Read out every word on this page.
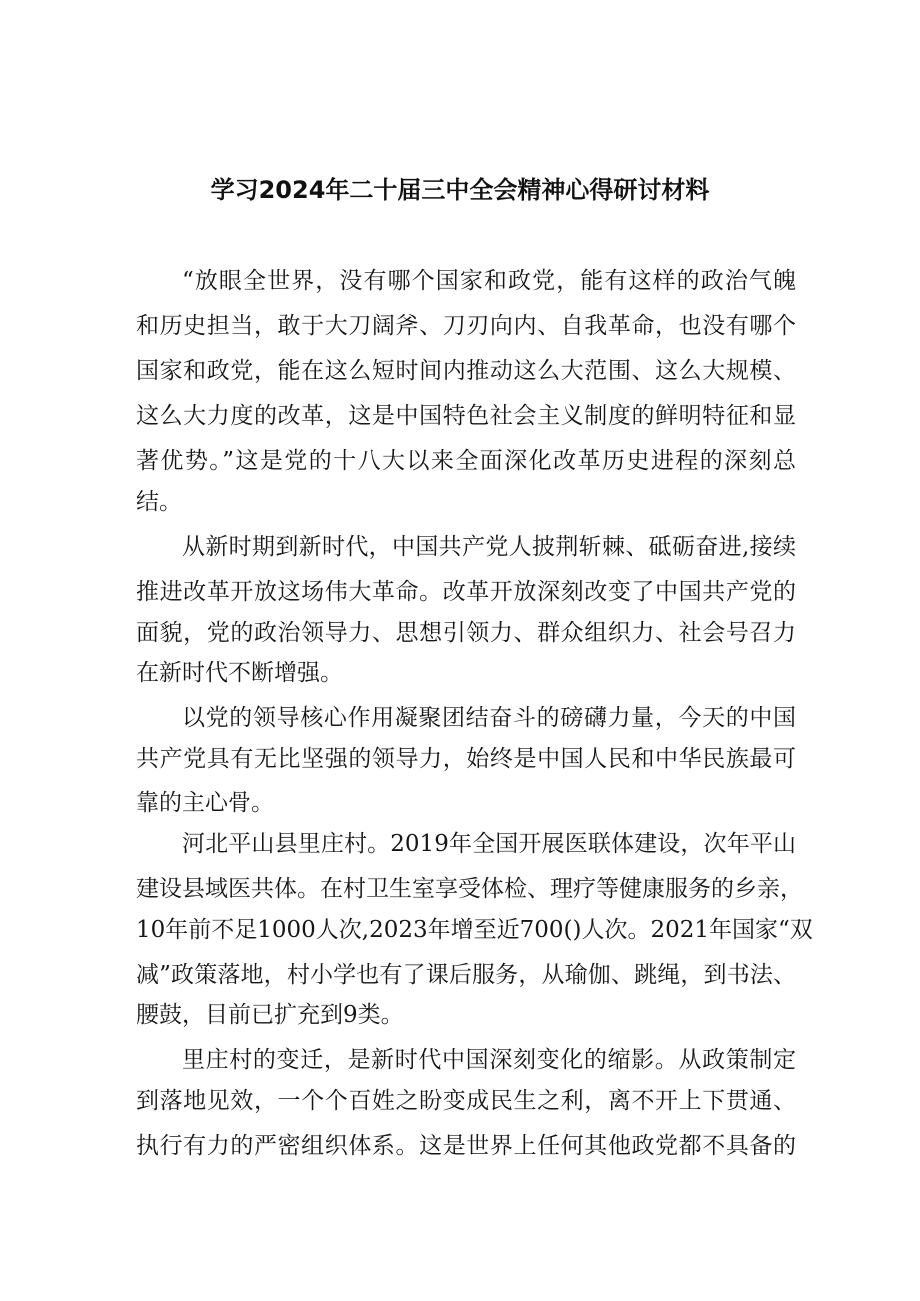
学习2024年二十届三中全会精神心得研讨材料
“放眼全世界，没有哪个国家和政党，能有这样的政治气魄
和历史担当，敢于大刀阔斧、刀刃向内、自我革命，也没有哪个
国家和政党，能在这么短时间内推动这么大范围、这么大规模、
这么大力度的改革，这是中国特色社会主义制度的鲜明特征和显
著优势。”这是党的十八大以来全面深化改革历史进程的深刻总
结。
从新时期到新时代，中国共产党人披荆斩棘、砥砺奋进,接续
推进改革开放这场伟大革命。改革开放深刻改变了中国共产党的
面貌，党的政治领导力、思想引领力、群众组织力、社会号召力
在新时代不断增强。
以党的领导核心作用凝聚团结奋斗的磅礴力量，今天的中国
共产党具有无比坚强的领导力，始终是中国人民和中华民族最可
靠的主心骨。
河北平山县里庄村。2019年全国开展医联体建设，次年平山
建设县域医共体。在村卫生室享受体检、理疗等健康服务的乡亲，
10年前不足1000人次,2023年增至近700()人次。2021年国家“双
减”政策落地，村小学也有了课后服务，从瑜伽、跳绳，到书法、
腰鼓，目前已扩充到9类。
里庄村的变迁，是新时代中国深刻变化的缩影。从政策制定
到落地见效，一个个百姓之盼变成民生之利，离不开上下贯通、
执行有力的严密组织体系。这是世界上任何其他政党都不具备的
